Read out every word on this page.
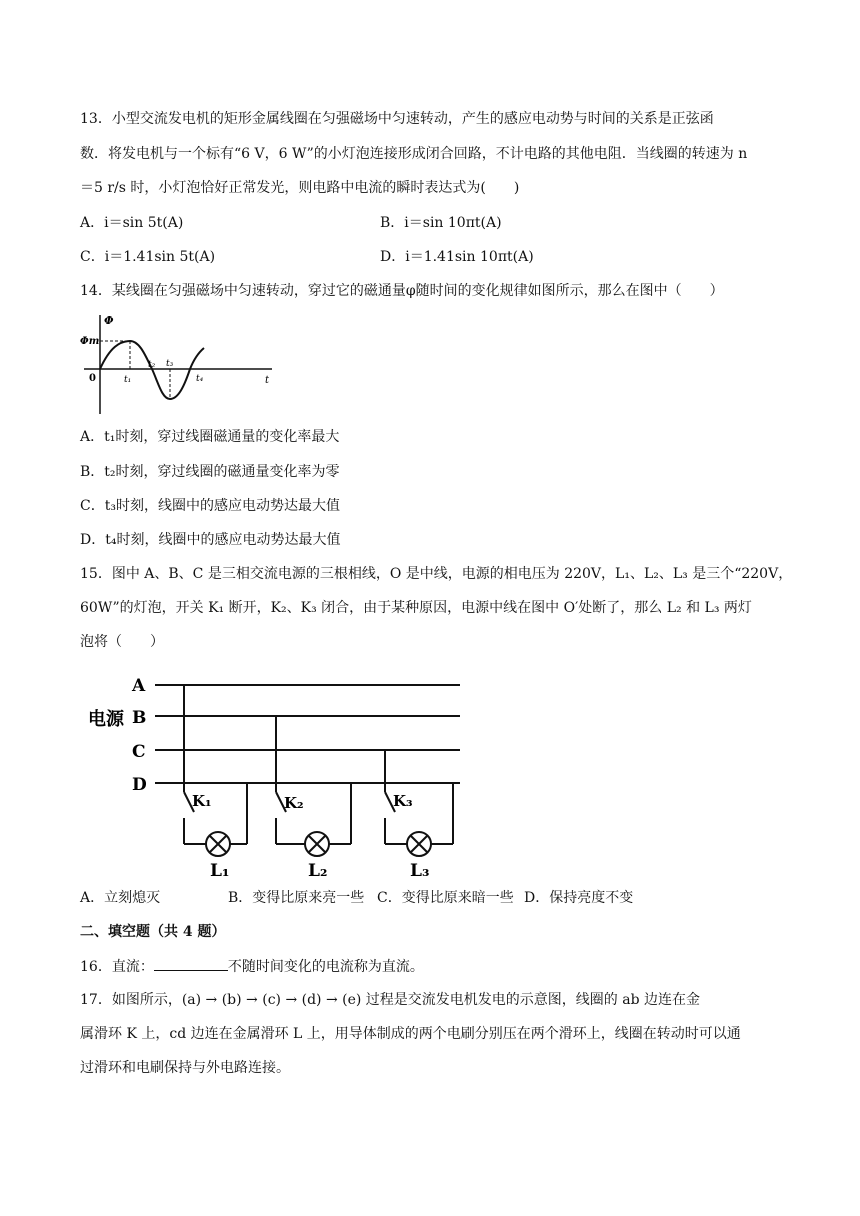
13．小型交流发电机的矩形金属线圈在匀强磁场中匀速转动，产生的感应电动势与时间的关系是正弦函
数．将发电机与一个标有“6 V，6 W”的小灯泡连接形成闭合回路，不计电路的其他电阻．当线圈的转速为 n
＝5 r/s 时，小灯泡恰好正常发光，则电路中电流的瞬时表达式为(　　)
A．i＝sin 5t(A)	B．i＝sin 10πt(A)
C．i＝1.41sin 5t(A)	D．i＝1.41sin 10πt(A)
14．某线圈在匀强磁场中匀速转动，穿过它的磁通量φ随时间的变化规律如图所示，那么在图中（　　）
Φ
Φm
0	t₁
t₂ t₃
t₄	t
A．t₁时刻，穿过线圈磁通量的变化率最大
B．t₂时刻，穿过线圈的磁通量变化率为零
C．t₃时刻，线圈中的感应电动势达最大值
D．t₄时刻，线圈中的感应电动势达最大值
15．图中 A、B、C 是三相交流电源的三根相线，O 是中线，电源的相电压为 220V，L₁、L₂、L₃ 是三个“220V，
60W”的灯泡，开关 K₁ 断开，K₂、K₃ 闭合，由于某种原因，电源中线在图中 O′处断了，那么 L₂ 和 L₃ 两灯
泡将（　　）
A
B
C
D
电源
K₁
L₁
K₂
L₂
K₃
L₃
A．立刻熄灭	B．变得比原来亮一些 C．变得比原来暗一些 D．保持亮度不变
二、填空题（共 4 题）
16．直流：	不随时间变化的电流称为直流。
17．如图所示，(a) → (b) → (c) → (d) → (e) 过程是交流发电机发电的示意图，线圈的 ab 边连在金
属滑环 K 上，cd 边连在金属滑环 L 上，用导体制成的两个电刷分别压在两个滑环上，线圈在转动时可以通
过滑环和电刷保持与外电路连接。
